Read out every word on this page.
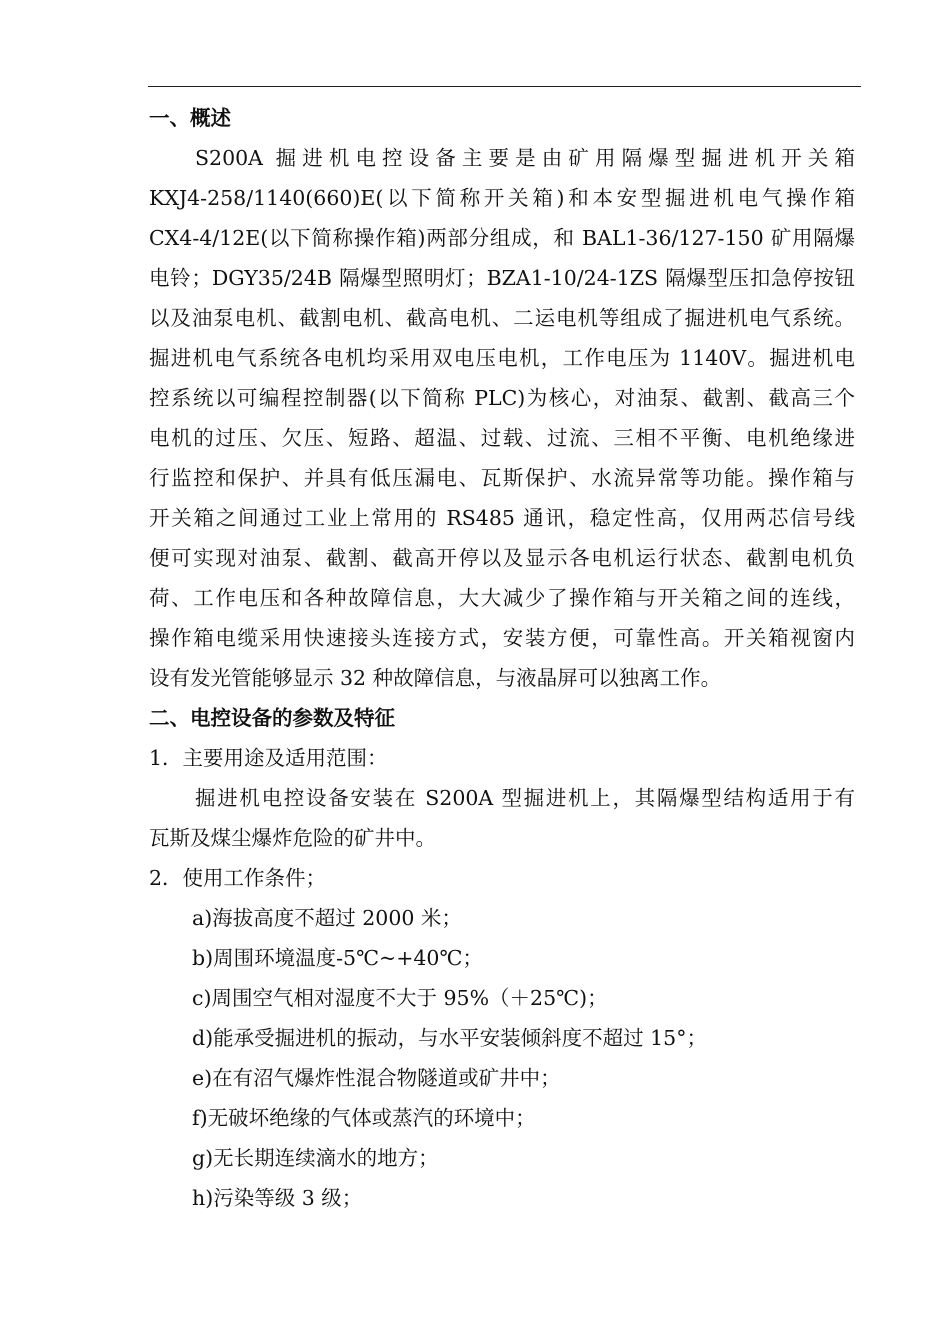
一、概述
S200A 掘进机电控设备主要是由矿用隔爆型掘进机开关箱
KXJ4-258/1140(660)E(以下简称开关箱)和本安型掘进机电气操作箱
CX4-4/12E(以下简称操作箱)两部分组成，和 BAL1-36/127-150 矿用隔爆
电铃；DGY35/24B 隔爆型照明灯；BZA1-10/24-1ZS 隔爆型压扣急停按钮
以及油泵电机、截割电机、截高电机、二运电机等组成了掘进机电气系统。
掘进机电气系统各电机均采用双电压电机，工作电压为 1140V。掘进机电
控系统以可编程控制器(以下简称 PLC)为核心，对油泵、截割、截高三个
电机的过压、欠压、短路、超温、过载、过流、三相不平衡、电机绝缘进
行监控和保护、并具有低压漏电、瓦斯保护、水流异常等功能。操作箱与
开关箱之间通过工业上常用的 RS485 通讯，稳定性高，仅用两芯信号线
便可实现对油泵、截割、截高开停以及显示各电机运行状态、截割电机负
荷、工作电压和各种故障信息，大大减少了操作箱与开关箱之间的连线，
操作箱电缆采用快速接头连接方式，安装方便，可靠性高。开关箱视窗内
设有发光管能够显示 32 种故障信息，与液晶屏可以独离工作。
二、电控设备的参数及特征
1．主要用途及适用范围：
掘进机电控设备安装在 S200A 型掘进机上，其隔爆型结构适用于有
瓦斯及煤尘爆炸危险的矿井中。
2．使用工作条件；
a)海拔高度不超过 2000 米；
b)周围环境温度-5℃~+40℃；
c)周围空气相对湿度不大于 95%（＋25℃)；
d)能承受掘进机的振动，与水平安装倾斜度不超过 15°；
e)在有沼气爆炸性混合物隧道或矿井中；
f)无破坏绝缘的气体或蒸汽的环境中；
g)无长期连续滴水的地方；
h)污染等级 3 级；
